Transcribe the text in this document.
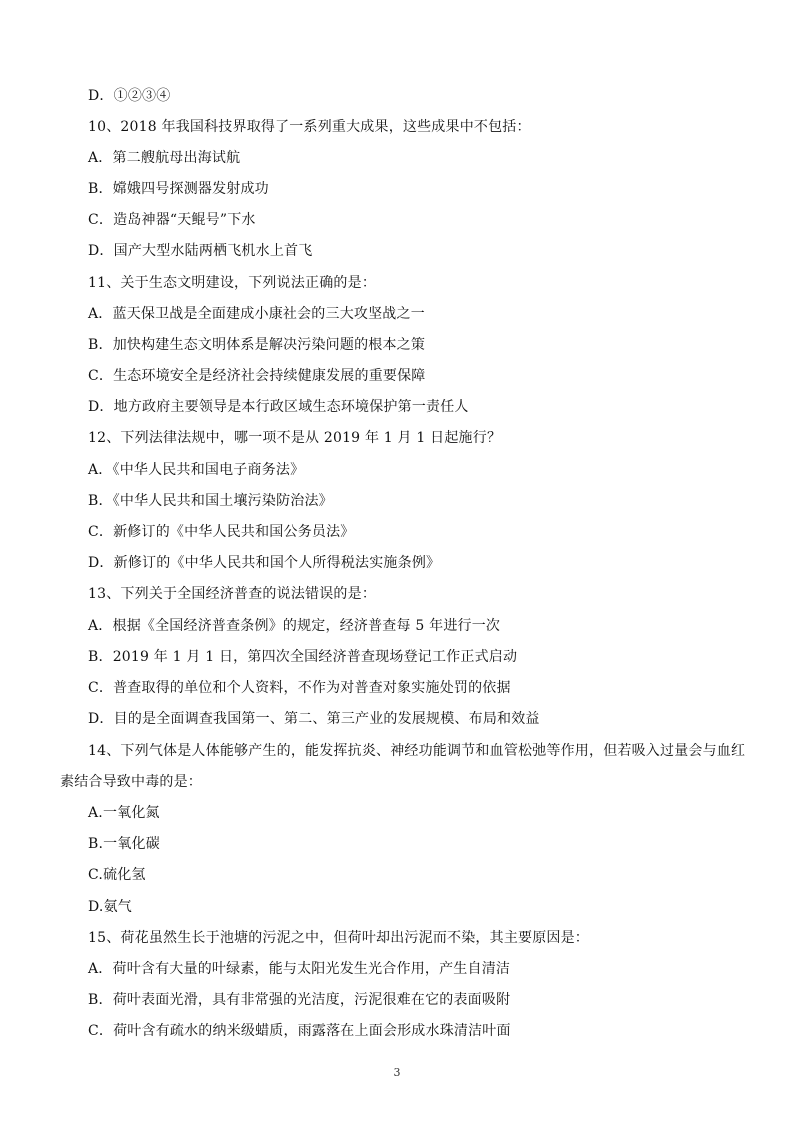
D．①②③④
10、2018 年我国科技界取得了一系列重大成果，这些成果中不包括：
A．第二艘航母出海试航
B．嫦娥四号探测器发射成功
C．造岛神器“天鲲号”下水
D．国产大型水陆两栖飞机水上首飞
11、关于生态文明建设，下列说法正确的是：
A．蓝天保卫战是全面建成小康社会的三大攻坚战之一
B．加快构建生态文明体系是解决污染问题的根本之策
C．生态环境安全是经济社会持续健康发展的重要保障
D．地方政府主要领导是本行政区域生态环境保护第一责任人
12、下列法律法规中，哪一项不是从 2019 年 1 月 1 日起施行？
A．《中华人民共和国电子商务法》
B．《中华人民共和国土壤污染防治法》
C．新修订的《中华人民共和国公务员法》
D．新修订的《中华人民共和国个人所得税法实施条例》
13、下列关于全国经济普查的说法错误的是：
A．根据《全国经济普查条例》的规定，经济普查每 5 年进行一次
B．2019 年 1 月 1 日，第四次全国经济普查现场登记工作正式启动
C．普查取得的单位和个人资料，不作为对普查对象实施处罚的依据
D．目的是全面调查我国第一、第二、第三产业的发展规模、布局和效益
14、下列气体是人体能够产生的，能发挥抗炎、神经功能调节和血管松弛等作用，但若吸入过量会与血红
素结合导致中毒的是：
A.一氧化氮
B.一氧化碳
C.硫化氢
D.氨气
15、荷花虽然生长于池塘的污泥之中，但荷叶却出污泥而不染，其主要原因是：
A．荷叶含有大量的叶绿素，能与太阳光发生光合作用，产生自清洁
B．荷叶表面光滑，具有非常强的光洁度，污泥很难在它的表面吸附
C．荷叶含有疏水的纳米级蜡质，雨露落在上面会形成水珠清洁叶面
3
